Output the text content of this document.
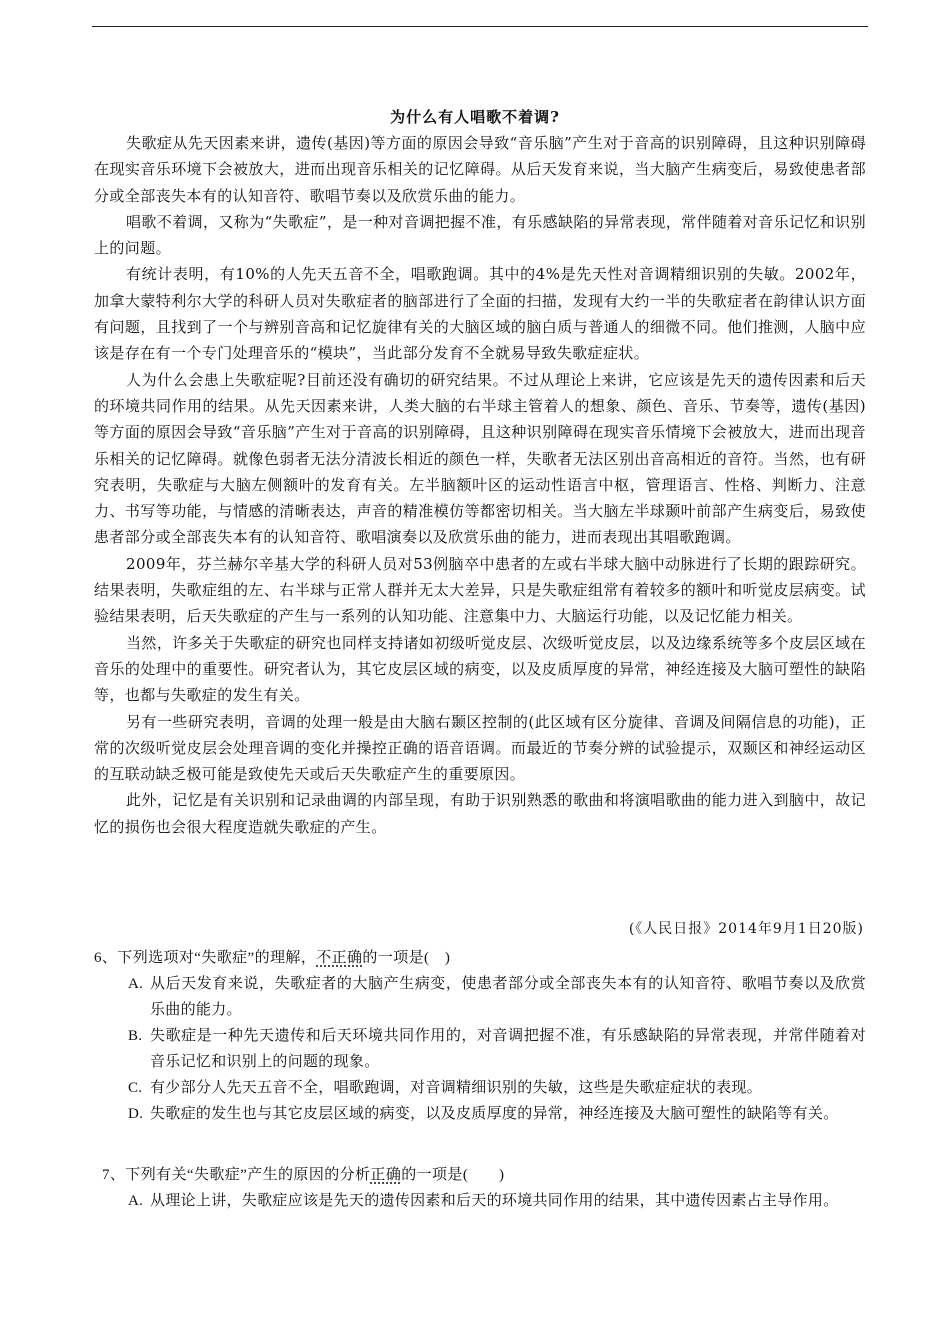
为什么有人唱歌不着调?

失歌症从先天因素来讲，遗传(基因)等方面的原因会导致“音乐脑”产生对于音高的识别障碍，且这种识别障碍在现实音乐环境下会被放大，进而出现音乐相关的记忆障碍。从后天发育来说，当大脑产生病变后，易致使患者部分或全部丧失本有的认知音符、歌唱节奏以及欣赏乐曲的能力。

唱歌不着调，又称为“失歌症”，是一种对音调把握不准，有乐感缺陷的异常表现，常伴随着对音乐记忆和识别上的问题。

有统计表明，有10%的人先天五音不全，唱歌跑调。其中的4%是先天性对音调精细识别的失敏。2002年，加拿大蒙特利尔大学的科研人员对失歌症者的脑部进行了全面的扫描，发现有大约一半的失歌症者在韵律认识方面有问题，且找到了一个与辨别音高和记忆旋律有关的大脑区域的脑白质与普通人的细微不同。他们推测，人脑中应该是存在有一个专门处理音乐的“模块”，当此部分发育不全就易导致失歌症症状。

人为什么会患上失歌症呢?目前还没有确切的研究结果。不过从理论上来讲，它应该是先天的遗传因素和后天的环境共同作用的结果。从先天因素来讲，人类大脑的右半球主管着人的想象、颜色、音乐、节奏等，遗传(基因)等方面的原因会导致“音乐脑”产生对于音高的识别障碍，且这种识别障碍在现实音乐情境下会被放大，进而出现音乐相关的记忆障碍。就像色弱者无法分清波长相近的颜色一样，失歌者无法区别出音高相近的音符。当然，也有研究表明，失歌症与大脑左侧额叶的发育有关。左半脑额叶区的运动性语言中枢，管理语言、性格、判断力、注意力、书写等功能，与情感的清晰表达，声音的精准模仿等都密切相关。当大脑左半球颞叶前部产生病变后，易致使患者部分或全部丧失本有的认知音符、歌唱演奏以及欣赏乐曲的能力，进而表现出其唱歌跑调。

2009年，芬兰赫尔辛基大学的科研人员对53例脑卒中患者的左或右半球大脑中动脉进行了长期的跟踪研究。结果表明，失歌症组的左、右半球与正常人群并无太大差异，只是失歌症组常有着较多的额叶和听觉皮层病变。试验结果表明，后天失歌症的产生与一系列的认知功能、注意集中力、大脑运行功能，以及记忆能力相关。

当然，许多关于失歌症的研究也同样支持诸如初级听觉皮层、次级听觉皮层，以及边缘系统等多个皮层区域在音乐的处理中的重要性。研究者认为，其它皮层区域的病变，以及皮质厚度的异常，神经连接及大脑可塑性的缺陷等，也都与失歌症的发生有关。

另有一些研究表明，音调的处理一般是由大脑右颞区控制的(此区域有区分旋律、音调及间隔信息的功能)，正常的次级听觉皮层会处理音调的变化并操控正确的语音语调。而最近的节奏分辨的试验提示，双颞区和神经运动区的互联动缺乏极可能是致使先天或后天失歌症产生的重要原因。

此外，记忆是有关识别和记录曲调的内部呈现，有助于识别熟悉的歌曲和将演唱歌曲的能力进入到脑中，故记忆的损伤也会很大程度造就失歌症的产生。

(《人民日报》2014年9月1日20版)
6、下列选项对“失歌症”的理解，不正确的一项是(　)
A. 从后天发育来说，失歌症者的大脑产生病变，使患者部分或全部丧失本有的认知音符、歌唱节奏以及欣赏乐曲的能力。
B. 失歌症是一种先天遗传和后天环境共同作用的，对音调把握不准，有乐感缺陷的异常表现，并常伴随着对音乐记忆和识别上的问题的现象。
C. 有少部分人先天五音不全，唱歌跑调，对音调精细识别的失敏，这些是失歌症症状的表现。
D. 失歌症的发生也与其它皮层区域的病变，以及皮质厚度的异常，神经连接及大脑可塑性的缺陷等有关。
7、下列有关“失歌症”产生的原因的分析正确的一项是(　　)
A. 从理论上讲，失歌症应该是先天的遗传因素和后天的环境共同作用的结果，其中遗传因素占主导作用。
